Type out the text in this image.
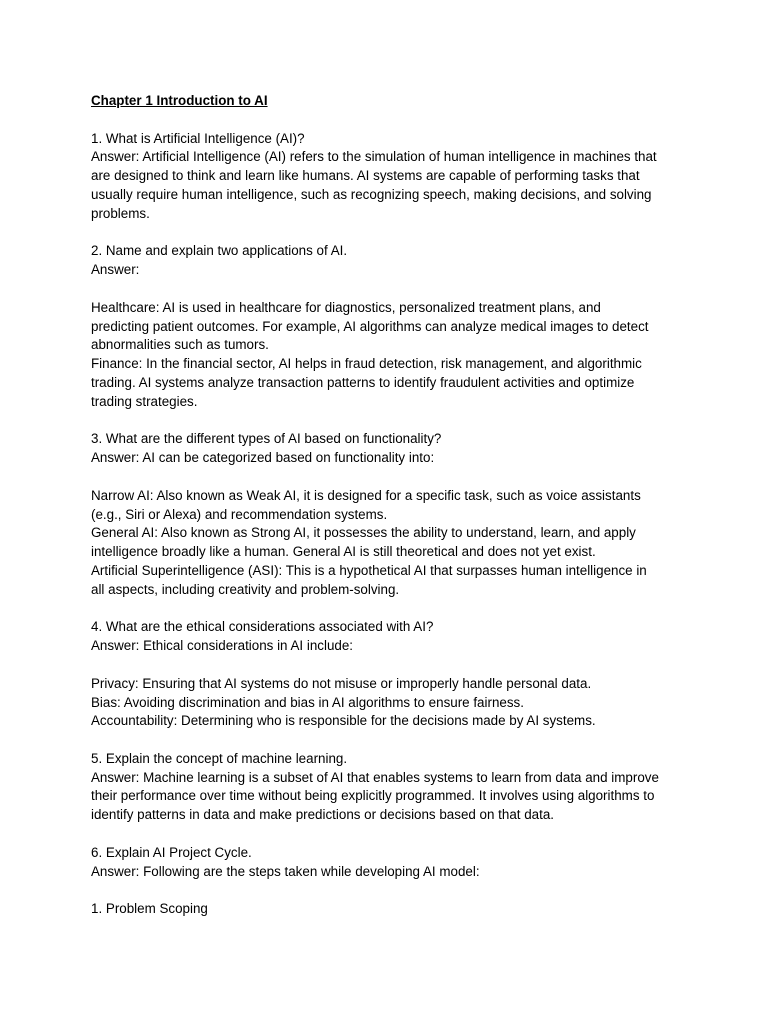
Chapter 1 Introduction to AI
1. What is Artificial Intelligence (AI)?
Answer: Artificial Intelligence (AI) refers to the simulation of human intelligence in machines that
are designed to think and learn like humans. AI systems are capable of performing tasks that
usually require human intelligence, such as recognizing speech, making decisions, and solving
problems.
2. Name and explain two applications of AI.
Answer:
Healthcare: AI is used in healthcare for diagnostics, personalized treatment plans, and
predicting patient outcomes. For example, AI algorithms can analyze medical images to detect
abnormalities such as tumors.
Finance: In the financial sector, AI helps in fraud detection, risk management, and algorithmic
trading. AI systems analyze transaction patterns to identify fraudulent activities and optimize
trading strategies.
3. What are the different types of AI based on functionality?
Answer: AI can be categorized based on functionality into:
Narrow AI: Also known as Weak AI, it is designed for a specific task, such as voice assistants
(e.g., Siri or Alexa) and recommendation systems.
General AI: Also known as Strong AI, it possesses the ability to understand, learn, and apply
intelligence broadly like a human. General AI is still theoretical and does not yet exist.
Artificial Superintelligence (ASI): This is a hypothetical AI that surpasses human intelligence in
all aspects, including creativity and problem-solving.
4. What are the ethical considerations associated with AI?
Answer: Ethical considerations in AI include:
Privacy: Ensuring that AI systems do not misuse or improperly handle personal data.
Bias: Avoiding discrimination and bias in AI algorithms to ensure fairness.
Accountability: Determining who is responsible for the decisions made by AI systems.
5. Explain the concept of machine learning.
Answer: Machine learning is a subset of AI that enables systems to learn from data and improve
their performance over time without being explicitly programmed. It involves using algorithms to
identify patterns in data and make predictions or decisions based on that data.
6. Explain AI Project Cycle.
Answer: Following are the steps taken while developing AI model:
1. Problem Scoping
